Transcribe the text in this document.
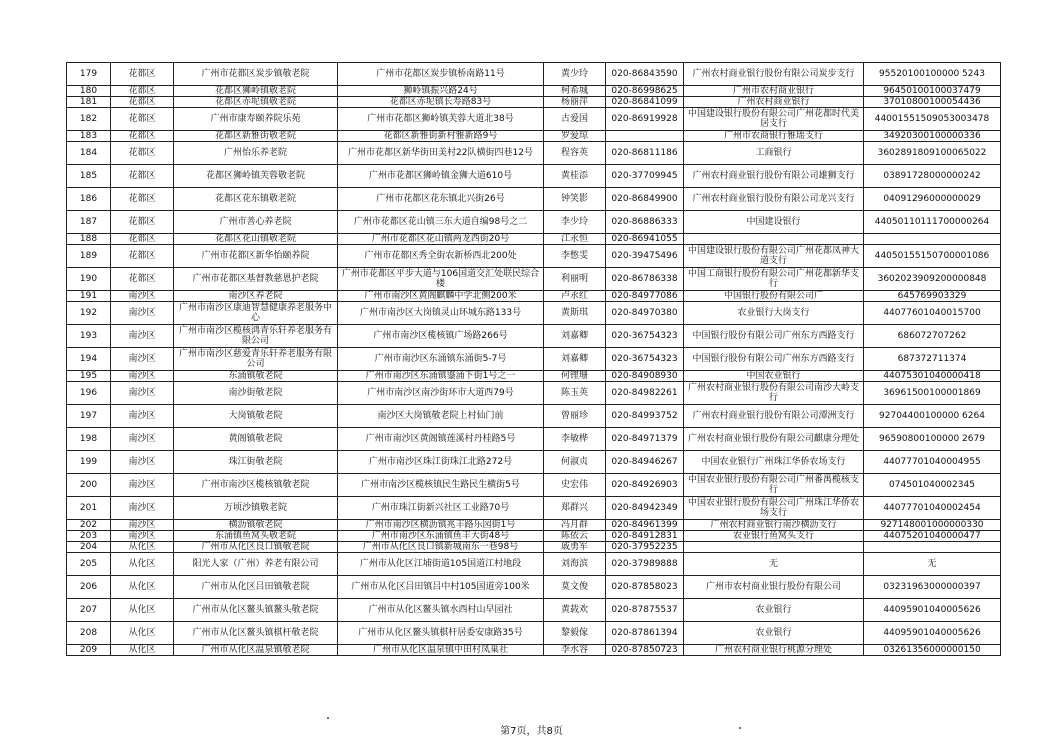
179	花都区	广州市花都区炭步镇敬老院	广州市花都区炭步镇桥南路11号	黄少玲	020-86843590	广州农村商业银行股份有限公司炭步支行	95520100100000 5243
180	花都区	花都区狮岭镇敬老院	狮岭镇振兴路24号	柯希城	020-86998625	广州市农村商业银行	96450100100037479
181	花都区	花都区赤坭镇敬老院	花都区赤坭镇长寿路83号	杨丽萍	020-86841099	广州农村商业银行	37010800100054436
182	花都区	广州市康寿颐养院乐苑	广州市花都区狮岭镇芙蓉大道北38号	古爱国	020-86919928	中国建设银行股份有限公司广州花都时代美居支行	44001551509053003478
183	花都区	花都区新雅街敬老院	花都区新雅街新村雅新路9号	罗爱琼		广州市农商银行雅瑶支行	34920300100000336
184	花都区	广州怡乐养老院	广州市花都区新华街田美村22队横街四巷12号	程容英	020-86811186	工商银行	3602891809100065022
185	花都区	花都区狮岭镇芙蓉敬老院	广州市花都区狮岭镇金狮大道610号	黄桂添	020-37709945	广州农村商业银行股份有限公司雄狮支行	03891728000000242
186	花都区	花都区花东镇敬老院	广州市花都区花东镇北兴街26号	钟笑影	020-86849900	广州农村商业银行股份有限公司龙兴支行	04091296000000029
187	花都区	广州市善心养老院	广州市花都区花山镇三东大道自编98号之二	李少玲	020-86886333	中国建设银行	44050110111700000264
188	花都区	花都区花山镇敬老院	广州市花都区花山镇两龙西街20号	江永恒	020-86941055		
189	花都区	广州市花都区新华怡颐养院	广州市花都区秀全街农新桥西北200处	李憋雯	020-39475496	中国建设银行股份有限公司广州花都凤神大道支行	44050155150700001086
190	花都区	广州市花都区基督教慈恩护老院	广州市花都区平步大道与106国道交汇处联民综合楼	利丽明	020-86786338	中国工商银行股份有限公司广州花都新华支行	3602023909200000848
191	南沙区	南沙区养老院	广州市南沙区黄阁麒麟中学北侧200米	卢永红	020-84977086	中国银行股份有限公司广	645769903329
192	南沙区	广州市南沙区康迪智慧健康养老服务中心	广州市南沙区大岗镇灵山环城东路133号	黄斯琪	020-84970380	农业银行大岗支行	44077601040015700
193	南沙区	广州市南沙区榄核鸿青乐轩养老服务有限公司	广州市南沙区榄核镇广场路266号	刘嘉卿	020-36754323	中国银行股份有限公司广州东方西路支行	686072707262
194	南沙区	广州市南沙区慈爱青乐轩养老服务有限公司	广州市南沙区东涌镇东涌街5-7号	刘嘉卿	020-36754323	中国银行股份有限公司广州东方西路支行	687372711374
195	南沙区	东涌镇敬老院	广州市南沙区东涌镇鎏涌下街1号之一	何锂珊	020-84908930	中国农业银行	44075301040000418
196	南沙区	南沙街敬老院	广州市南沙区南沙街环市大道西79号	陈玉英	020-84982261	广州农村商业银行股份有限公司南沙大岭支行	36961500100001869
197	南沙区	大岗镇敬老院	南沙区大岗镇敬老院上村仙门前	曾丽珍	020-84993752	广州农村商业银行股份有限公司潭洲支行	92704400100000 6264
198	南沙区	黄阁镇敬老院	广州市南沙区黄阁镇莲溪村丹桂路5号	李敏桦	020-84971379	广州农村商业银行股份有限公司麒康分理处	96590800100000 2679
199	南沙区	珠江街敬老院	广州市南沙区珠江街珠江北路272号	何淑贞	020-84946267	中国农业银行广州珠江华侨农场支行	44077701040004955
200	南沙区	广州市南沙区榄核镇敬老院	广州市南沙区榄核镇民生路民生横街5号	史宏伟	020-84926903	中国农业银行股份有限公司广州番禺榄核支行	074501040002345
201	南沙区	万顷沙镇敬老院	广州市珠江街新兴社区工业路70号	郑群兴	020-84942349	中国农业银行股份有限公司广州珠江华侨农场支行	44077701040002454
202	南沙区	横沥镇敬老院	广州市南沙区横沥镇兆丰路乐园街1号	冯月群	020-84961399	广州农村商业银行南沙横沥支行	927148001000000330
203	南沙区	东涌镇鱼窝头敬老院	广州市南沙区东涌镇鱼丰大街48号	陈依云	020-84912831	农业银行鱼窝头支行	44075201040000477
204	从化区	广州市从化区良口镇敬老院	广州市从化区良口镇新城南东一巷98号	戚勇军	020-37952235		
205	从化区	阳光人家（广州）养老有限公司	广州市从化区江埔街道105国道江村地段	刘海滨	020-37989888	无	无
206	从化区	广州市从化区吕田镇敬老院	广州市从化区吕田镇吕中村105国道旁100米	莫文俊	020-87858023	广州市农村商业银行股份有限公司	03231963000000397
207	从化区	广州市从化区鳌头镇鳌头敬老院	广州市从化区鳌头镇水西村山早园社	黄载欢	020-87875537	农业银行	44095901040005626
208	从化区	广州市从化区鳌头镇棋杆敬老院	广州市从化区鳌头镇棋杆居委安康路35号	黎毅傢	020-87861394	农业银行	44095901040005626
209	从化区	广州市从化区温泉镇敬老院	广州市从化区温泉镇中田村凤巢社	李水容	020-87850723	广州农村商业银行桃源分理处	03261356000000150
第7页，共8页
